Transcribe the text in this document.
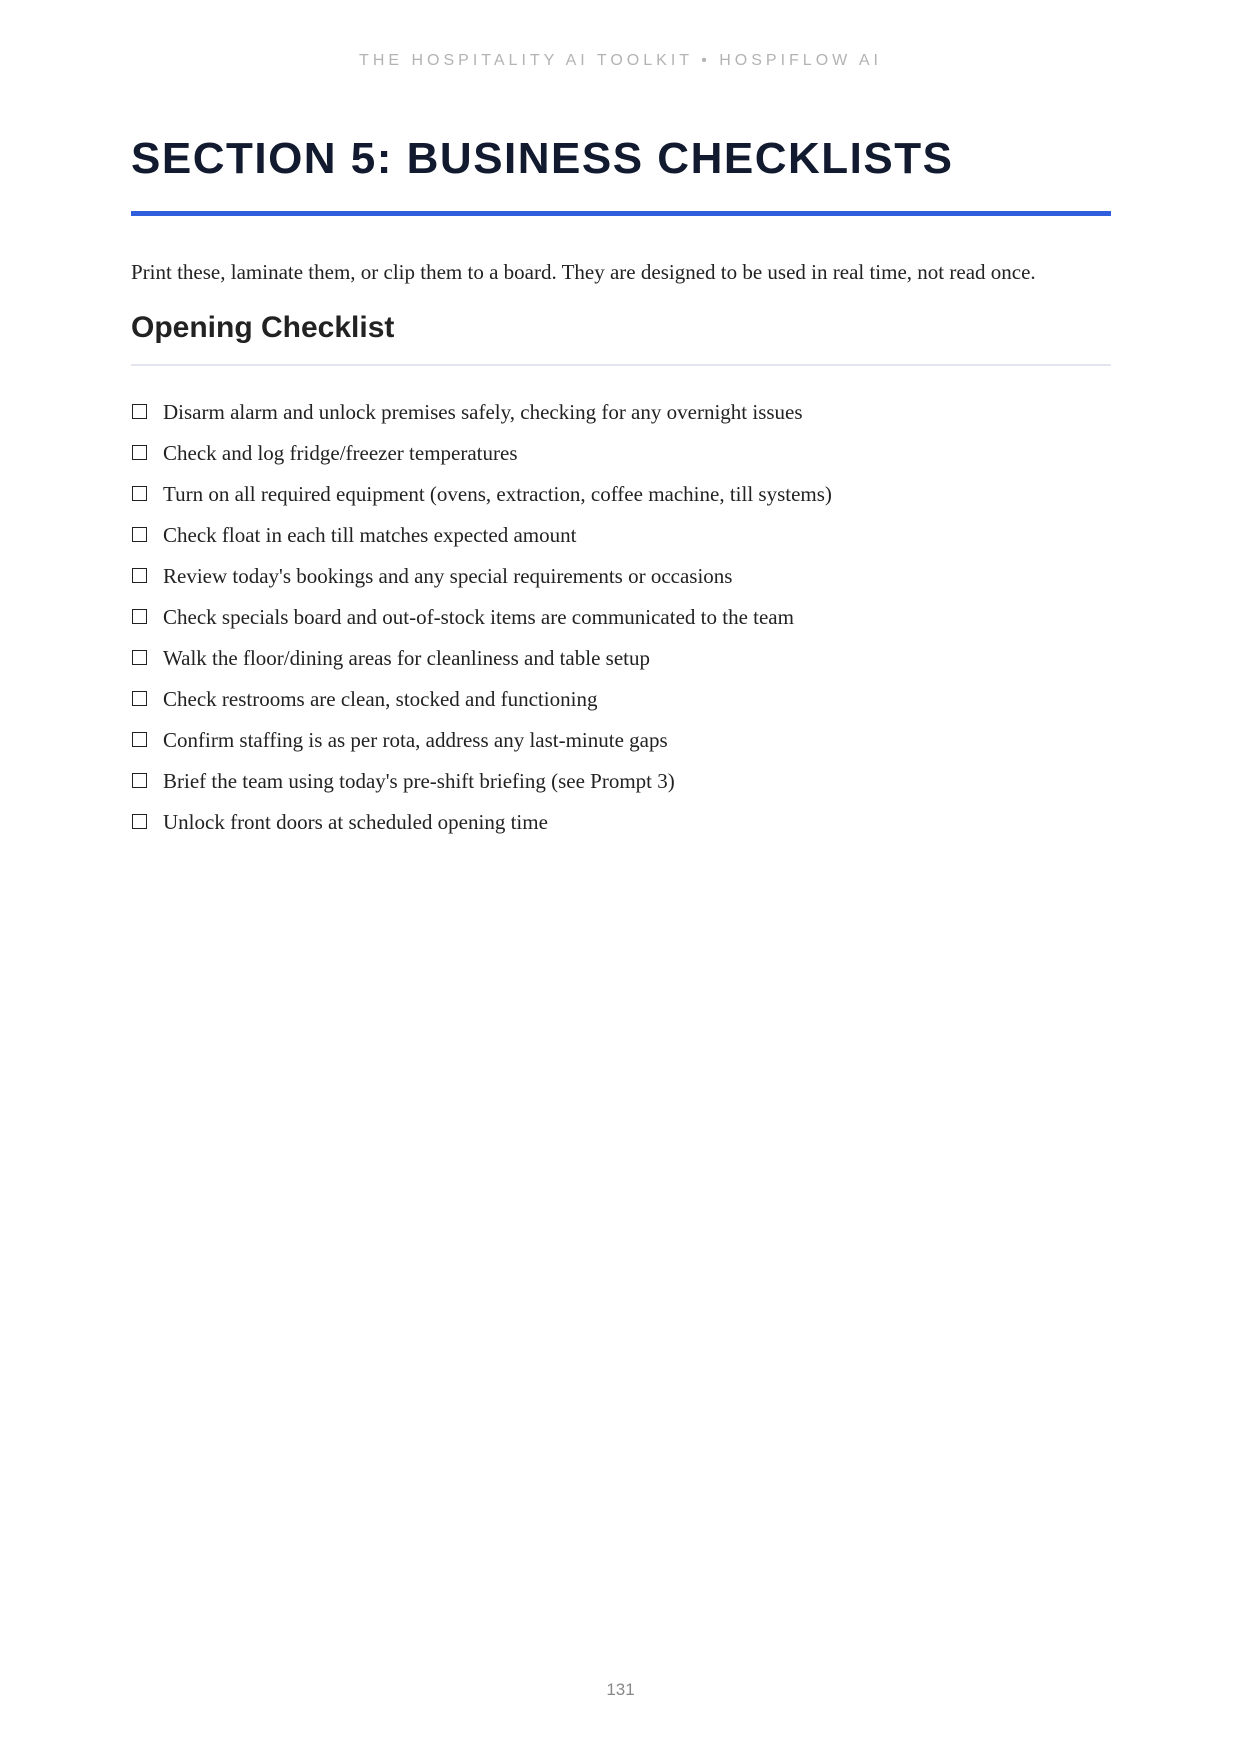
THE HOSPITALITY AI TOOLKIT • HOSPIFLOW AI
SECTION 5: BUSINESS CHECKLISTS

Print these, laminate them, or clip them to a board. They are designed to be used in real time, not read once.

Opening Checklist
Disarm alarm and unlock premises safely, checking for any overnight issues
Check and log fridge/freezer temperatures
Turn on all required equipment (ovens, extraction, coffee machine, till systems)
Check float in each till matches expected amount
Review today's bookings and any special requirements or occasions
Check specials board and out-of-stock items are communicated to the team
Walk the floor/dining areas for cleanliness and table setup
Check restrooms are clean, stocked and functioning
Confirm staffing is as per rota, address any last-minute gaps
Brief the team using today's pre-shift briefing (see Prompt 3)
Unlock front doors at scheduled opening time
131
